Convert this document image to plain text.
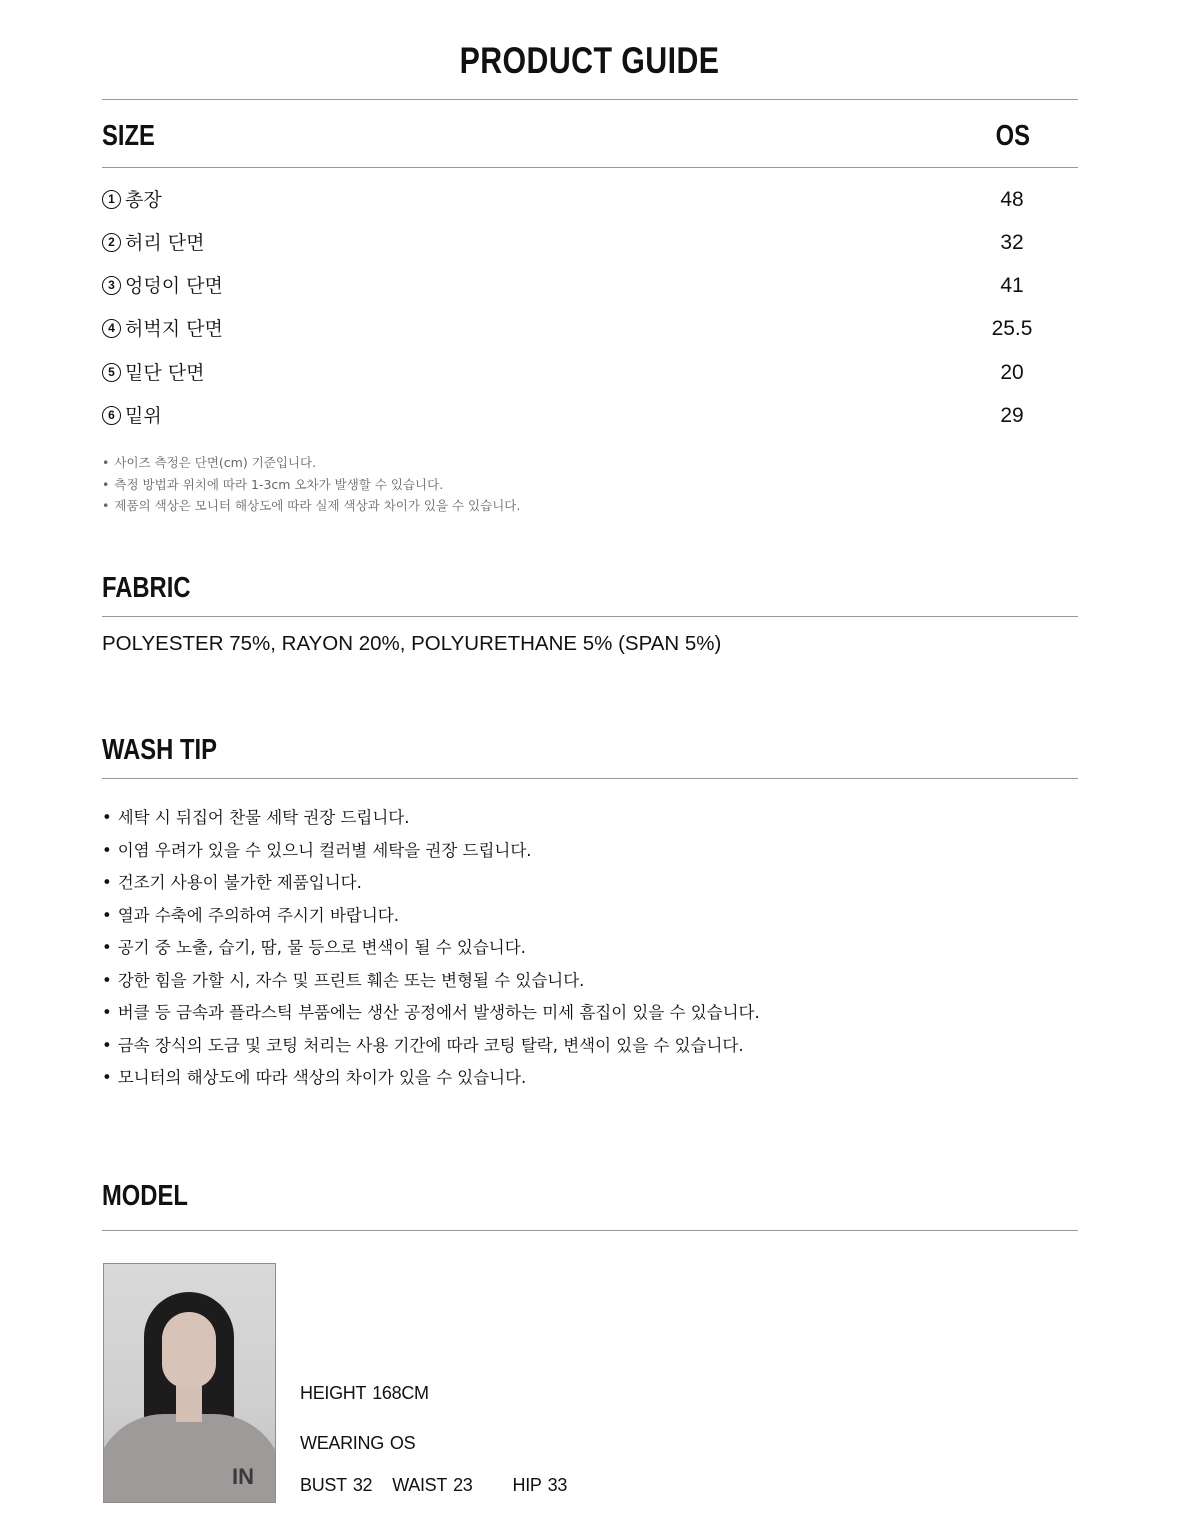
PRODUCT GUIDE
SIZE	OS
1 총장	48
2 허리 단면	32
3 엉덩이 단면	41
4 허벅지 단면	25.5
5 밑단 단면	20
6 밑위	29
• 사이즈 측정은 단면(cm) 기준입니다.
• 측정 방법과 위치에 따라 1-3cm 오차가 발생할 수 있습니다.
• 제품의 색상은 모니터 해상도에 따라 실제 색상과 차이가 있을 수 있습니다.
FABRIC
POLYESTER 75%, RAYON 20%, POLYURETHANE 5% (SPAN 5%)
WASH TIP
• 세탁 시 뒤집어 찬물 세탁 권장 드립니다.
• 이염 우려가 있을 수 있으니 컬러별 세탁을 권장 드립니다.
• 건조기 사용이 불가한 제품입니다.
• 열과 수축에 주의하여 주시기 바랍니다.
• 공기 중 노출, 습기, 땀, 물 등으로 변색이 될 수 있습니다.
• 강한 힘을 가할 시, 자수 및 프린트 훼손 또는 변형될 수 있습니다.
• 버클 등 금속과 플라스틱 부품에는 생산 공정에서 발생하는 미세 흠집이 있을 수 있습니다.
• 금속 장식의 도금 및 코팅 처리는 사용 기간에 따라 코팅 탈락, 변색이 있을 수 있습니다.
• 모니터의 해상도에 따라 색상의 차이가 있을 수 있습니다.
MODEL
IN
HEIGHT 168CM
WEARING OS
BUST 32 WAIST 23 HIP 33
